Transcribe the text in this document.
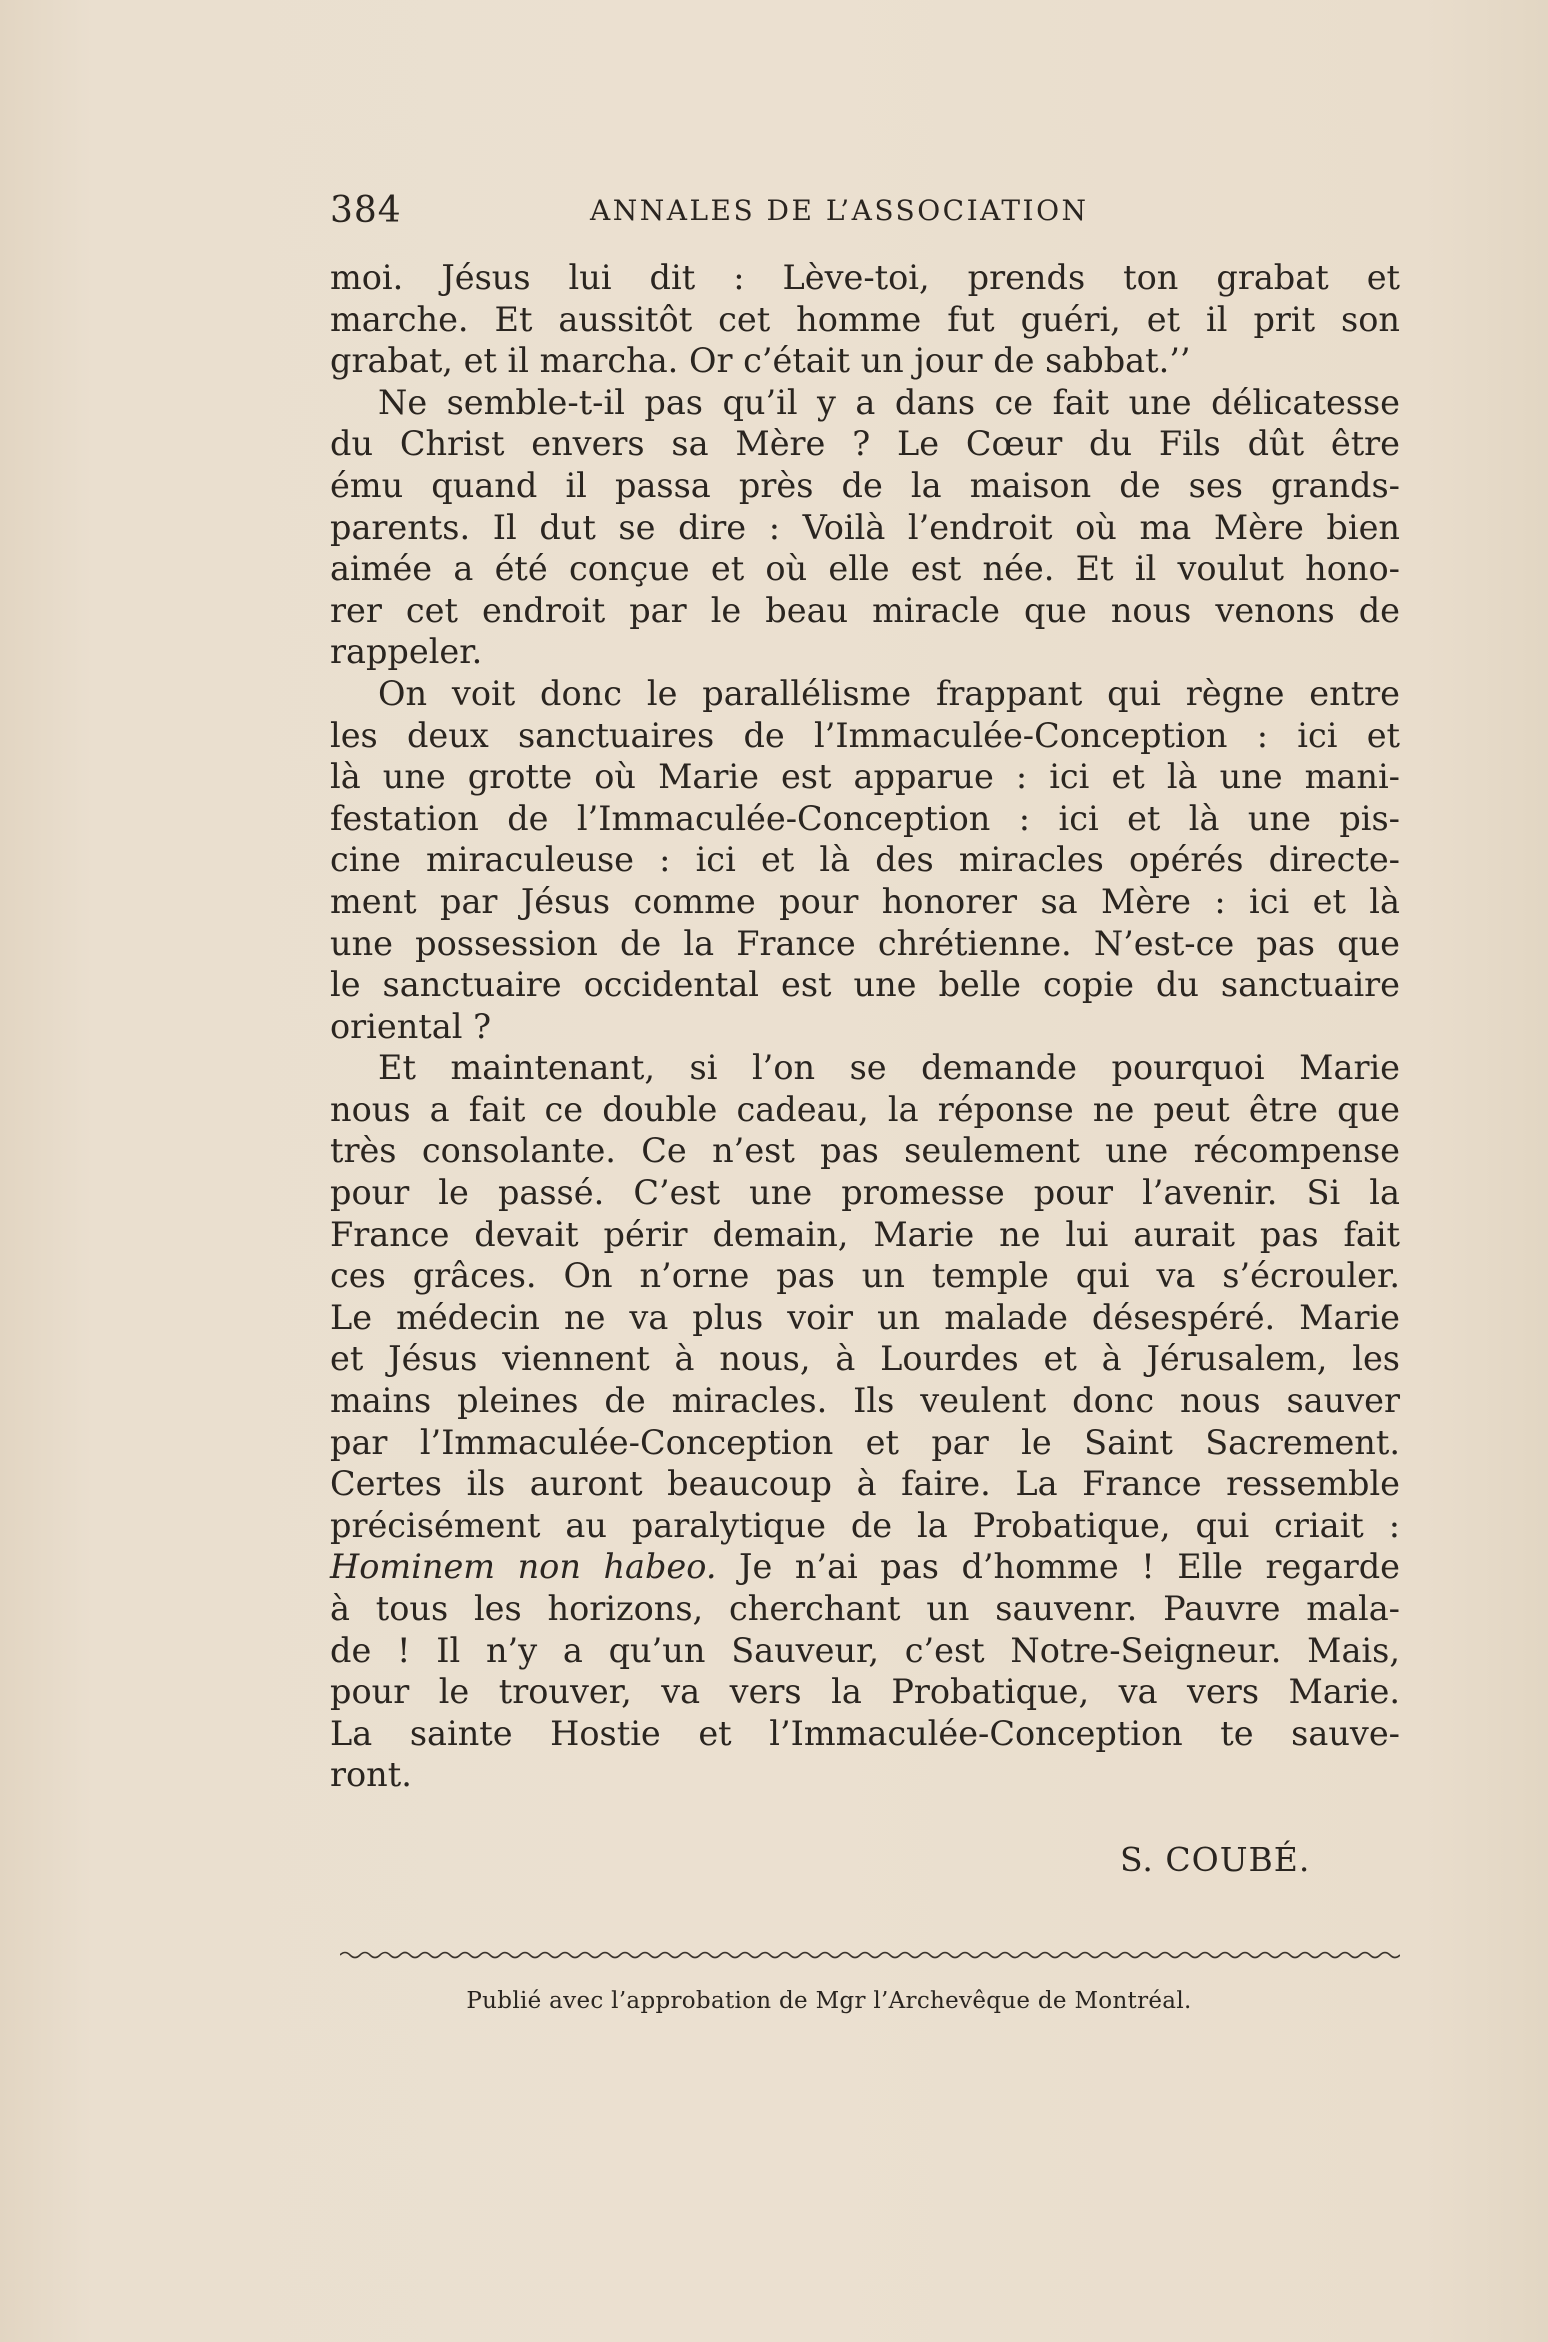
384	ANNALES DE L’ASSOCIATION

moi. Jésus lui dit : Lève-toi, prends ton grabat et
marche. Et aussitôt cet homme fut guéri, et il prit son
grabat, et il marcha. Or c’était un jour de sabbat.’’

Ne semble-t-il pas qu’il y a dans ce fait une délicatesse
du Christ envers sa Mère ? Le Cœur du Fils dût être
ému quand il passa près de la maison de ses grands-
parents. Il dut se dire : Voilà l’endroit où ma Mère bien
aimée a été conçue et où elle est née. Et il voulut hono-
rer cet endroit par le beau miracle que nous venons de
rappeler.

On voit donc le parallélisme frappant qui règne entre
les deux sanctuaires de l’Immaculée-Conception : ici et
là une grotte où Marie est apparue : ici et là une mani-
festation de l’Immaculée-Conception : ici et là une pis-
cine miraculeuse : ici et là des miracles opérés directe-
ment par Jésus comme pour honorer sa Mère : ici et là
une possession de la France chrétienne. N’est-ce pas que
le sanctuaire occidental est une belle copie du sanctuaire
oriental ?

Et maintenant, si l’on se demande pourquoi Marie
nous a fait ce double cadeau, la réponse ne peut être que
très consolante. Ce n’est pas seulement une récompense
pour le passé. C’est une promesse pour l’avenir. Si la
France devait périr demain, Marie ne lui aurait pas fait
ces grâces. On n’orne pas un temple qui va s’écrouler.
Le médecin ne va plus voir un malade désespéré. Marie
et Jésus viennent à nous, à Lourdes et à Jérusalem, les
mains pleines de miracles. Ils veulent donc nous sauver
par l’Immaculée-Conception et par le Saint Sacrement.
Certes ils auront beaucoup à faire. La France ressemble
précisément au paralytique de la Probatique, qui criait :
Hominem non habeo. Je n’ai pas d’homme ! Elle regarde
à tous les horizons, cherchant un sauvenr. Pauvre mala-
de ! Il n’y a qu’un Sauveur, c’est Notre-Seigneur. Mais,
pour le trouver, va vers la Probatique, va vers Marie.
La sainte Hostie et l’Immaculée-Conception te sauve-
ront.

S. COUBÉ.
Publié avec l’approbation de Mgr l’Archevêque de Montréal.
